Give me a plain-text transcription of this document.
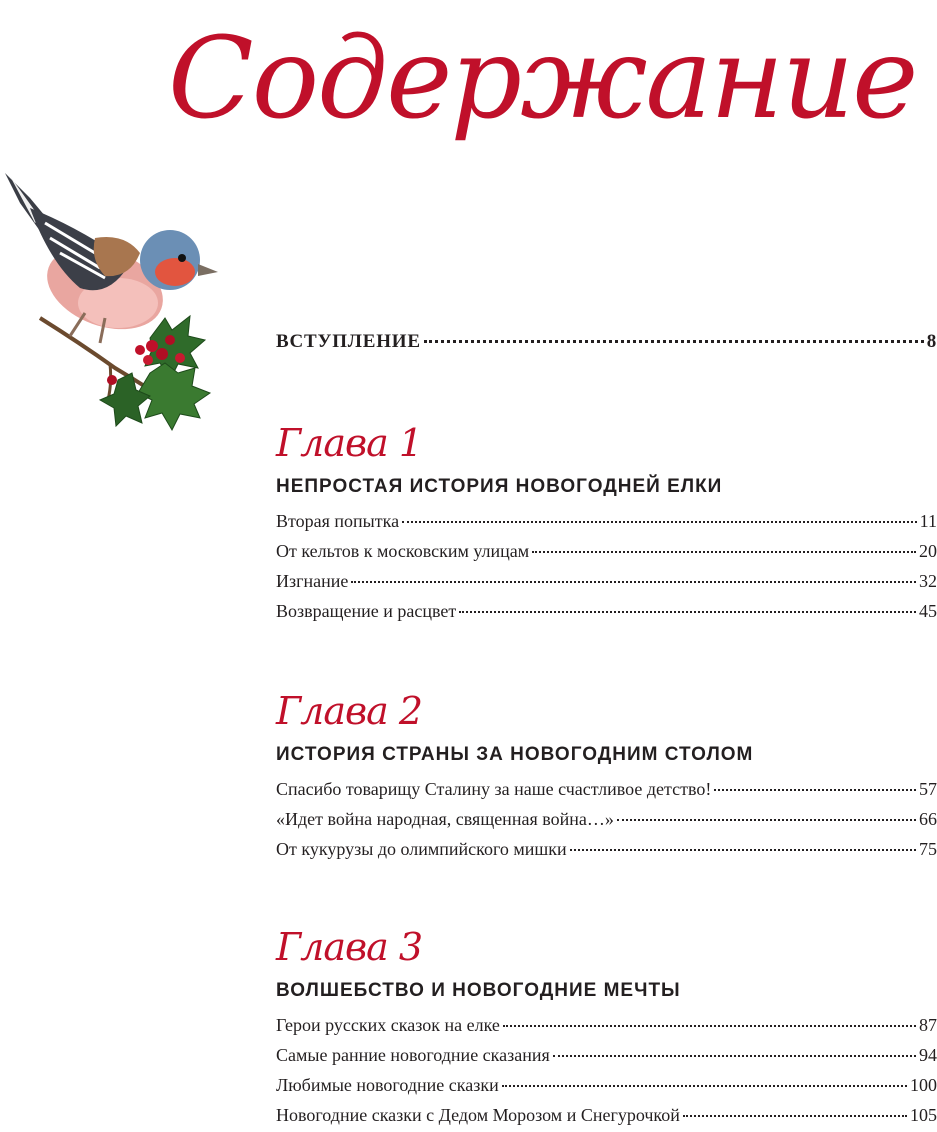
Содержание
ВСТУПЛЕНИЕ	8
Глава 1
НЕПРОСТАЯ ИСТОРИЯ НОВОГОДНЕЙ ЕЛКИ
Вторая попытка	11
От кельтов к московским улицам	20
Изгнание	32
Возвращение и расцвет	45
Глава 2
ИСТОРИЯ СТРАНЫ ЗА НОВОГОДНИМ СТОЛОМ
Спасибо товарищу Сталину за наше счастливое детство!	57
«Идет война народная, священная война…»	66
От кукурузы до олимпийского мишки	75
Глава 3
ВОЛШЕБСТВО И НОВОГОДНИЕ МЕЧТЫ
Герои русских сказок на елке	87
Самые ранние новогодние сказания	94
Любимые новогодние сказки	100
Новогодние сказки с Дедом Морозом и Снегурочкой	105
